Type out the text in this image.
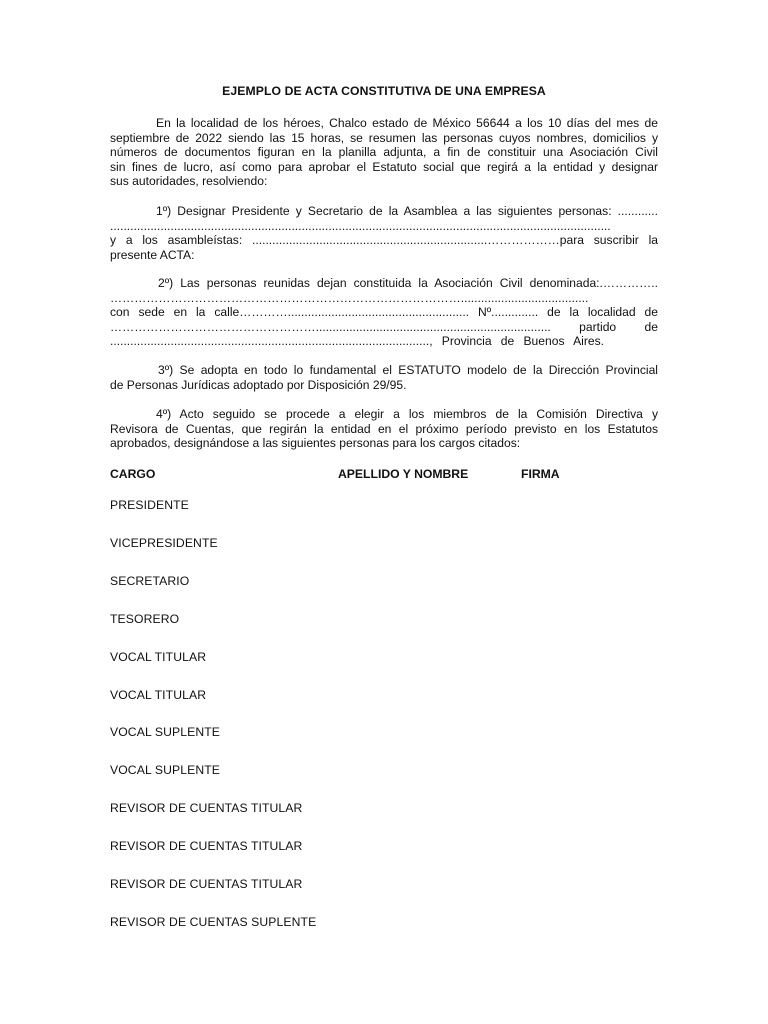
EJEMPLO DE ACTA CONSTITUTIVA DE UNA EMPRESA
En la localidad de los héroes, Chalco estado de México 56644 a los 10 días del mes de
septiembre de 2022 siendo las 15 horas, se resumen las personas cuyos nombres, domicilios y
números de documentos figuran en la planilla adjunta, a fin de constituir una Asociación Civil
sin fines de lucro, así como para aprobar el Estatuto social que regirá a la entidad y designar
sus autoridades, resolviendo:
1º) Designar Presidente y Secretario de la Asamblea a las siguientes personas: ............
.....................................................................................................................................................
y a los asambleístas: ......................................................................………………para suscribir la
presente ACTA:
2º) Las personas reunidas dejan constituida la Asociación Civil denominada:.…………..
……………………………………………………………………………......................................
con sede en la calle…………...................................................... Nº.............. de la localidad de
……………………………………………...................................................................... partido de
..............................................................................................., Provincia de Buenos Aires.
3º) Se adopta en todo lo fundamental el ESTATUTO modelo de la Dirección Provincial
de Personas Jurídicas adoptado por Disposición 29/95.
4º) Acto seguido se procede a elegir a los miembros de la Comisión Directiva y
Revisora de Cuentas, que regirán la entidad en el próximo período previsto en los Estatutos
aprobados, designándose a las siguientes personas para los cargos citados:
CARGO	APELLIDO Y NOMBRE	FIRMA
PRESIDENTE
VICEPRESIDENTE
SECRETARIO
TESORERO
VOCAL TITULAR
VOCAL TITULAR
VOCAL SUPLENTE
VOCAL SUPLENTE
REVISOR DE CUENTAS TITULAR
REVISOR DE CUENTAS TITULAR
REVISOR DE CUENTAS TITULAR
REVISOR DE CUENTAS SUPLENTE
